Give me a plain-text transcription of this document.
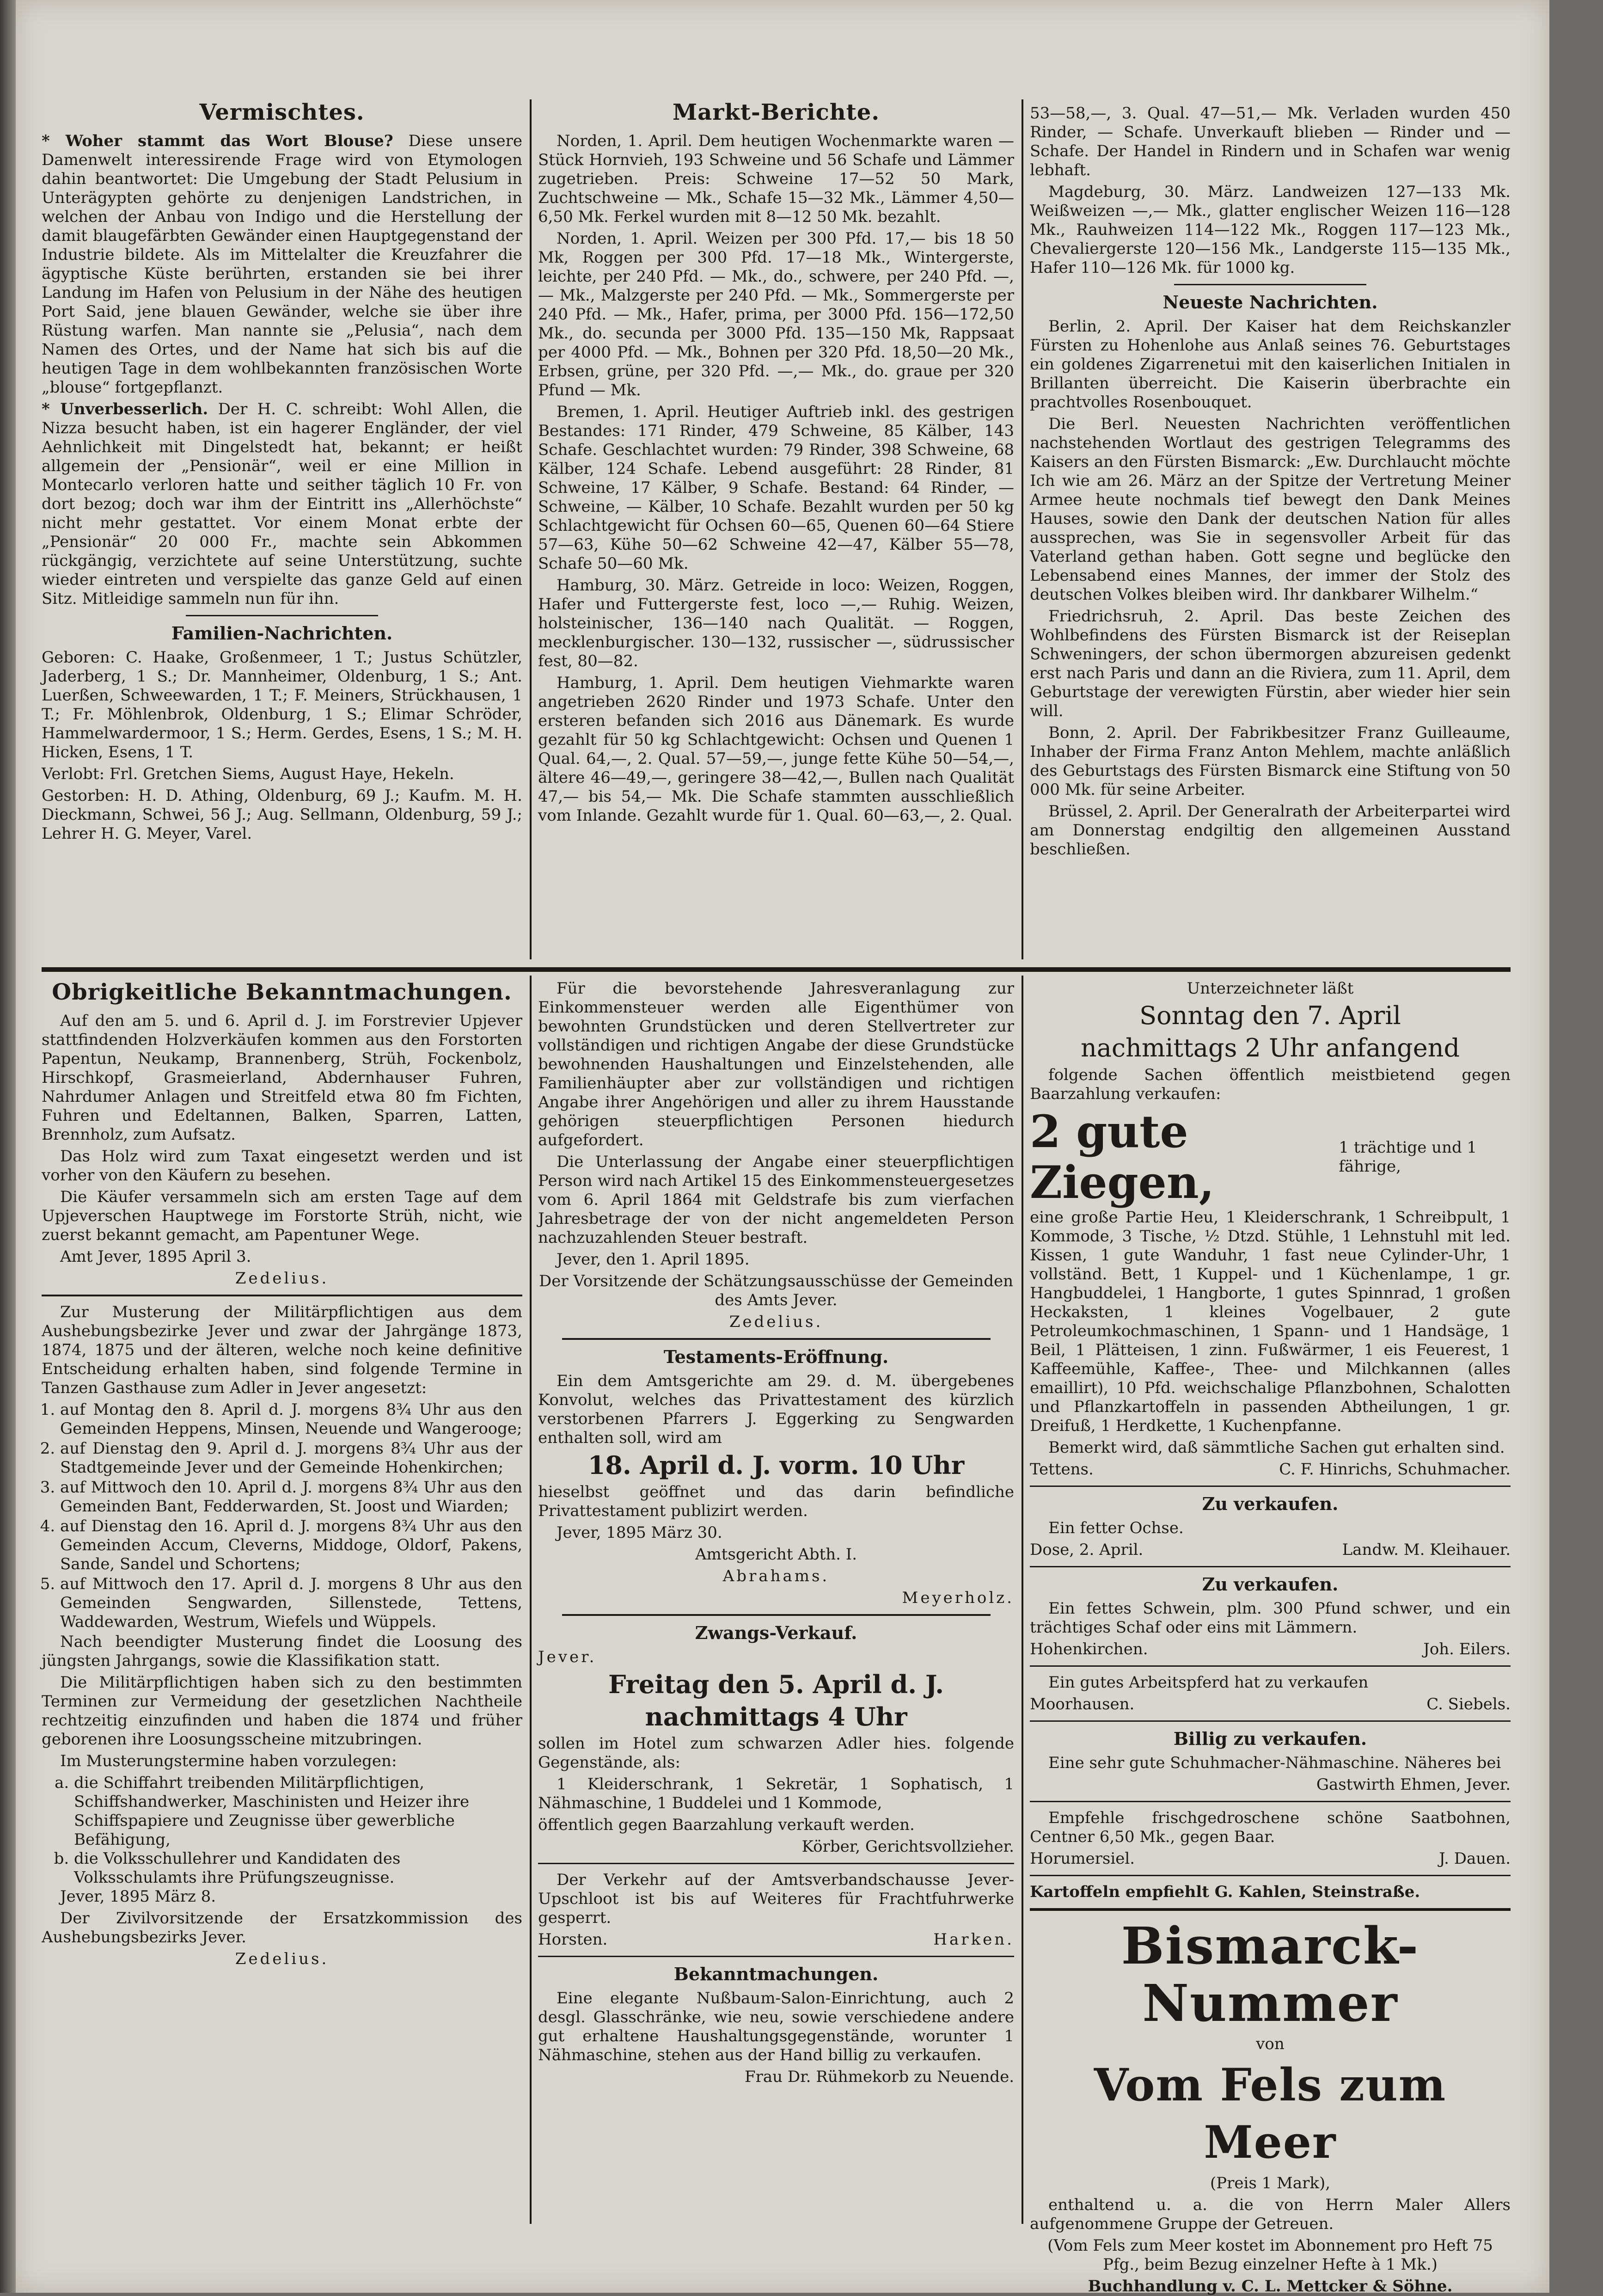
Vermischtes.

* Woher stammt das Wort Blouse? Diese unsere Damenwelt interessirende Frage wird von Etymologen dahin beantwortet: Die Umgebung der Stadt Pelusium in Unterägypten gehörte zu denjenigen Landstrichen, in welchen der Anbau von Indigo und die Herstellung der damit blaugefärbten Gewänder einen Hauptgegenstand der Industrie bildete. Als im Mittelalter die Kreuzfahrer die ägyptische Küste berührten, erstanden sie bei ihrer Landung im Hafen von Pelusium in der Nähe des heutigen Port Said, jene blauen Gewänder, welche sie über ihre Rüstung warfen. Man nannte sie „Pelusia“, nach dem Namen des Ortes, und der Name hat sich bis auf die heutigen Tage in dem wohlbekannten französischen Worte „blouse“ fortgepflanzt.

* Unverbesserlich. Der H. C. schreibt: Wohl Allen, die Nizza besucht haben, ist ein hagerer Engländer, der viel Aehnlichkeit mit Dingelstedt hat, bekannt; er heißt allgemein der „Pensionär“, weil er eine Million in Montecarlo verloren hatte und seither täglich 10 Fr. von dort bezog; doch war ihm der Eintritt ins „Allerhöchste“ nicht mehr gestattet. Vor einem Monat erbte der „Pensionär“ 20 000 Fr., machte sein Abkommen rückgängig, verzichtete auf seine Unterstützung, suchte wieder eintreten und verspielte das ganze Geld auf einen Sitz. Mitleidige sammeln nun für ihn.

Familien-Nachrichten.

Geboren: C. Haake, Großenmeer, 1 T.; Justus Schützler, Jaderberg, 1 S.; Dr. Mannheimer, Oldenburg, 1 S.; Ant. Luerßen, Schweewarden, 1 T.; F. Meiners, Strückhausen, 1 T.; Fr. Möhlenbrok, Oldenburg, 1 S.; Elimar Schröder, Hammelwardermoor, 1 S.; Herm. Gerdes, Esens, 1 S.; M. H. Hicken, Esens, 1 T.

Verlobt: Frl. Gretchen Siems, August Haye, Hekeln.

Gestorben: H. D. Athing, Oldenburg, 69 J.; Kaufm. M. H. Dieckmann, Schwei, 56 J.; Aug. Sellmann, Oldenburg, 59 J.; Lehrer H. G. Meyer, Varel.

Markt-Berichte.

Norden, 1. April. Dem heutigen Wochenmarkte waren — Stück Hornvieh, 193 Schweine und 56 Schafe und Lämmer zugetrieben. Preis: Schweine 17—52 50 Mark, Zuchtschweine — Mk., Schafe 15—32 Mk., Lämmer 4,50—6,50 Mk. Ferkel wurden mit 8—12 50 Mk. bezahlt.

Norden, 1. April. Weizen per 300 Pfd. 17,— bis 18 50 Mk, Roggen per 300 Pfd. 17—18 Mk., Wintergerste, leichte, per 240 Pfd. — Mk., do., schwere, per 240 Pfd. —,— Mk., Malzgerste per 240 Pfd. — Mk., Sommergerste per 240 Pfd. — Mk., Hafer, prima, per 3000 Pfd. 156—172,50 Mk., do. secunda per 3000 Pfd. 135—150 Mk, Rappsaat per 4000 Pfd. — Mk., Bohnen per 320 Pfd. 18,50—20 Mk., Erbsen, grüne, per 320 Pfd. —,— Mk., do. graue per 320 Pfund — Mk.

Bremen, 1. April. Heutiger Auftrieb inkl. des gestrigen Bestandes: 171 Rinder, 479 Schweine, 85 Kälber, 143 Schafe. Geschlachtet wurden: 79 Rinder, 398 Schweine, 68 Kälber, 124 Schafe. Lebend ausgeführt: 28 Rinder, 81 Schweine, 17 Kälber, 9 Schafe. Bestand: 64 Rinder, — Schweine, — Kälber, 10 Schafe. Bezahlt wurden per 50 kg Schlachtgewicht für Ochsen 60—65, Quenen 60—64 Stiere 57—63, Kühe 50—62 Schweine 42—47, Kälber 55—78, Schafe 50—60 Mk.

Hamburg, 30. März. Getreide in loco: Weizen, Roggen, Hafer und Futtergerste fest, loco —,— Ruhig. Weizen, holsteinischer, 136—140 nach Qualität. — Roggen, mecklenburgischer. 130—132, russischer —, südrussischer fest, 80—82.

Hamburg, 1. April. Dem heutigen Viehmarkte waren angetrieben 2620 Rinder und 1973 Schafe. Unter den ersteren befanden sich 2016 aus Dänemark. Es wurde gezahlt für 50 kg Schlachtgewicht: Ochsen und Quenen 1 Qual. 64,—, 2. Qual. 57—59,—, junge fette Kühe 50—54,—, ältere 46—49,—, geringere 38—42,—, Bullen nach Qualität 47,— bis 54,— Mk. Die Schafe stammten ausschließlich vom Inlande. Gezahlt wurde für 1. Qual. 60—63,—, 2. Qual.

53—58,—, 3. Qual. 47—51,— Mk. Verladen wurden 450 Rinder, — Schafe. Unverkauft blieben — Rinder und — Schafe. Der Handel in Rindern und in Schafen war wenig lebhaft.

Magdeburg, 30. März. Landweizen 127—133 Mk. Weißweizen —,— Mk., glatter englischer Weizen 116—128 Mk., Rauhweizen 114—122 Mk., Roggen 117—123 Mk., Chevaliergerste 120—156 Mk., Landgerste 115—135 Mk., Hafer 110—126 Mk. für 1000 kg.

Neueste Nachrichten.

Berlin, 2. April. Der Kaiser hat dem Reichskanzler Fürsten zu Hohenlohe aus Anlaß seines 76. Geburtstages ein goldenes Zigarrenetui mit den kaiserlichen Initialen in Brillanten überreicht. Die Kaiserin überbrachte ein prachtvolles Rosenbouquet.

Die Berl. Neuesten Nachrichten veröffentlichen nachstehenden Wortlaut des gestrigen Telegramms des Kaisers an den Fürsten Bismarck: „Ew. Durchlaucht möchte Ich wie am 26. März an der Spitze der Vertretung Meiner Armee heute nochmals tief bewegt den Dank Meines Hauses, sowie den Dank der deutschen Nation für alles aussprechen, was Sie in segensvoller Arbeit für das Vaterland gethan haben. Gott segne und beglücke den Lebensabend eines Mannes, der immer der Stolz des deutschen Volkes bleiben wird. Ihr dankbarer Wilhelm.“

Friedrichsruh, 2. April. Das beste Zeichen des Wohlbefindens des Fürsten Bismarck ist der Reiseplan Schweningers, der schon übermorgen abzureisen gedenkt erst nach Paris und dann an die Riviera, zum 11. April, dem Geburtstage der verewigten Fürstin, aber wieder hier sein will.

Bonn, 2. April. Der Fabrikbesitzer Franz Guilleaume, Inhaber der Firma Franz Anton Mehlem, machte anläßlich des Geburtstags des Fürsten Bismarck eine Stiftung von 50 000 Mk. für seine Arbeiter.

Brüssel, 2. April. Der Generalrath der Arbeiterpartei wird am Donnerstag endgiltig den allgemeinen Ausstand beschließen.

Obrigkeitliche Bekanntmachungen.

Auf den am 5. und 6. April d. J. im Forstrevier Upjever stattfindenden Holzverkäufen kommen aus den Forstorten Papentun, Neukamp, Brannenberg, Strüh, Fockenbolz, Hirschkopf, Grasmeierland, Abdernhauser Fuhren, Nahrdumer Anlagen und Streitfeld etwa 80 fm Fichten, Fuhren und Edeltannen, Balken, Sparren, Latten, Brennholz, zum Aufsatz.

Das Holz wird zum Taxat eingesetzt werden und ist vorher von den Käufern zu besehen.

Die Käufer versammeln sich am ersten Tage auf dem Upjeverschen Hauptwege im Forstorte Strüh, nicht, wie zuerst bekannt gemacht, am Papentuner Wege.

Amt Jever, 1895 April 3.

Zedelius.

Zur Musterung der Militärpflichtigen aus dem Aushebungsbezirke Jever und zwar der Jahrgänge 1873, 1874, 1875 und der älteren, welche noch keine definitive Entscheidung erhalten haben, sind folgende Termine in Tanzen Gasthause zum Adler in Jever angesetzt:

1. auf Montag den 8. April d. J. morgens 8¾ Uhr aus den Gemeinden Heppens, Minsen, Neuende und Wangerooge;
2. auf Dienstag den 9. April d. J. morgens 8¾ Uhr aus der Stadtgemeinde Jever und der Gemeinde Hohenkirchen;
3. auf Mittwoch den 10. April d. J. morgens 8¾ Uhr aus den Gemeinden Bant, Fedderwarden, St. Joost und Wiarden;
4. auf Dienstag den 16. April d. J. morgens 8¾ Uhr aus den Gemeinden Accum, Cleverns, Middoge, Oldorf, Pakens, Sande, Sandel und Schortens;
5. auf Mittwoch den 17. April d. J. morgens 8 Uhr aus den Gemeinden Sengwarden, Sillenstede, Tettens, Waddewarden, Westrum, Wiefels und Wüppels.

Nach beendigter Musterung findet die Loosung des jüngsten Jahrgangs, sowie die Klassifikation statt.

Die Militärpflichtigen haben sich zu den bestimmten Terminen zur Vermeidung der gesetzlichen Nachtheile rechtzeitig einzufinden und haben die 1874 und früher geborenen ihre Loosungsscheine mitzubringen.

Im Musterungstermine haben vorzulegen:

a. die Schiffahrt treibenden Militärpflichtigen, Schiffshandwerker, Maschinisten und Heizer ihre Schiffspapiere und Zeugnisse über gewerbliche Befähigung,
b. die Volksschullehrer und Kandidaten des Volksschulamts ihre Prüfungszeugnisse.

Jever, 1895 März 8.

Der Zivilvorsitzende der Ersatzkommission des Aushebungsbezirks Jever.

Zedelius.

Für die bevorstehende Jahresveranlagung zur Einkommensteuer werden alle Eigenthümer von bewohnten Grundstücken und deren Stellvertreter zur vollständigen und richtigen Angabe der diese Grundstücke bewohnenden Haushaltungen und Einzelstehenden, alle Familienhäupter aber zur vollständigen und richtigen Angabe ihrer Angehörigen und aller zu ihrem Hausstande gehörigen steuerpflichtigen Personen hiedurch aufgefordert.

Die Unterlassung der Angabe einer steuerpflichtigen Person wird nach Artikel 15 des Einkommensteuergesetzes vom 6. April 1864 mit Geldstrafe bis zum vierfachen Jahresbetrage der von der nicht angemeldeten Person nachzuzahlenden Steuer bestraft.

Jever, den 1. April 1895.

Der Vorsitzende der Schätzungsausschüsse der Gemeinden des Amts Jever.

Zedelius.

Testaments-Eröffnung.

Ein dem Amtsgerichte am 29. d. M. übergebenes Konvolut, welches das Privattestament des kürzlich verstorbenen Pfarrers J. Eggerking zu Sengwarden enthalten soll, wird am

18. April d. J. vorm. 10 Uhr

hieselbst geöffnet und das darin befindliche Privattestament publizirt werden.

Jever, 1895 März 30.

Amtsgericht Abth. I.

Abrahams.

Meyerholz.

Zwangs-Verkauf.

Jever.

Freitag den 5. April d. J.

nachmittags 4 Uhr

sollen im Hotel zum schwarzen Adler hies. folgende Gegenstände, als:

1 Kleiderschrank, 1 Sekretär, 1 Sophatisch, 1 Nähmaschine, 1 Buddelei und 1 Kommode,

öffentlich gegen Baarzahlung verkauft werden.

Körber, Gerichtsvollzieher.

Der Verkehr auf der Amtsverbandschausse Jever-Upschloot ist bis auf Weiteres für Frachtfuhrwerke gesperrt.

Horsten.	Harken.
Bekanntmachungen.

Eine elegante Nußbaum-Salon-Einrichtung, auch 2 desgl. Glasschränke, wie neu, sowie verschiedene andere gut erhaltene Haushaltungsgegenstände, worunter 1 Nähmaschine, stehen aus der Hand billig zu verkaufen.

Frau Dr. Rühmekorb zu Neuende.

Unterzeichneter läßt

Sonntag den 7. April

nachmittags 2 Uhr anfangend

folgende Sachen öffentlich meistbietend gegen Baarzahlung verkaufen:

2 gute Ziegen,
1 trächtige und 1 fährige,

eine große Partie Heu, 1 Kleiderschrank, 1 Schreibpult, 1 Kommode, 3 Tische, ½ Dtzd. Stühle, 1 Lehnstuhl mit led. Kissen, 1 gute Wanduhr, 1 fast neue Cylinder-Uhr, 1 vollständ. Bett, 1 Kuppel- und 1 Küchenlampe, 1 gr. Hangbuddelei, 1 Hangborte, 1 gutes Spinnrad, 1 großen Heckaksten, 1 kleines Vogelbauer, 2 gute Petroleumkochmaschinen, 1 Spann- und 1 Handsäge, 1 Beil, 1 Plätteisen, 1 zinn. Fußwärmer, 1 eis Feuerest, 1 Kaffeemühle, Kaffee-, Thee- und Milchkannen (alles emaillirt), 10 Pfd. weichschalige Pflanzbohnen, Schalotten und Pflanzkartoffeln in passenden Abtheilungen, 1 gr. Dreifuß, 1 Herdkette, 1 Kuchenpfanne.

Bemerkt wird, daß sämmtliche Sachen gut erhalten sind.

Tettens.	C. F. Hinrichs, Schuhmacher.
Zu verkaufen.

Ein fetter Ochse.

Dose, 2. April.	Landw. M. Kleihauer.
Zu verkaufen.

Ein fettes Schwein, plm. 300 Pfund schwer, und ein trächtiges Schaf oder eins mit Lämmern.

Hohenkirchen.	Joh. Eilers.

Ein gutes Arbeitspferd hat zu verkaufen

Moorhausen.	C. Siebels.
Billig zu verkaufen.

Eine sehr gute Schuhmacher-Nähmaschine. Näheres bei

Gastwirth Ehmen, Jever.

Empfehle frischgedroschene schöne Saatbohnen, Centner 6,50 Mk., gegen Baar.

Horumersiel.	J. Dauen.

Kartoffeln empfiehlt G. Kahlen, Steinstraße.

Bismarck-Nummer

von

Vom Fels zum Meer

(Preis 1 Mark),

enthaltend u. a. die von Herrn Maler Allers aufgenommene Gruppe der Getreuen.

(Vom Fels zum Meer kostet im Abonnement pro Heft 75 Pfg., beim Bezug einzelner Hefte à 1 Mk.)

Buchhandlung v. C. L. Mettcker & Söhne.
